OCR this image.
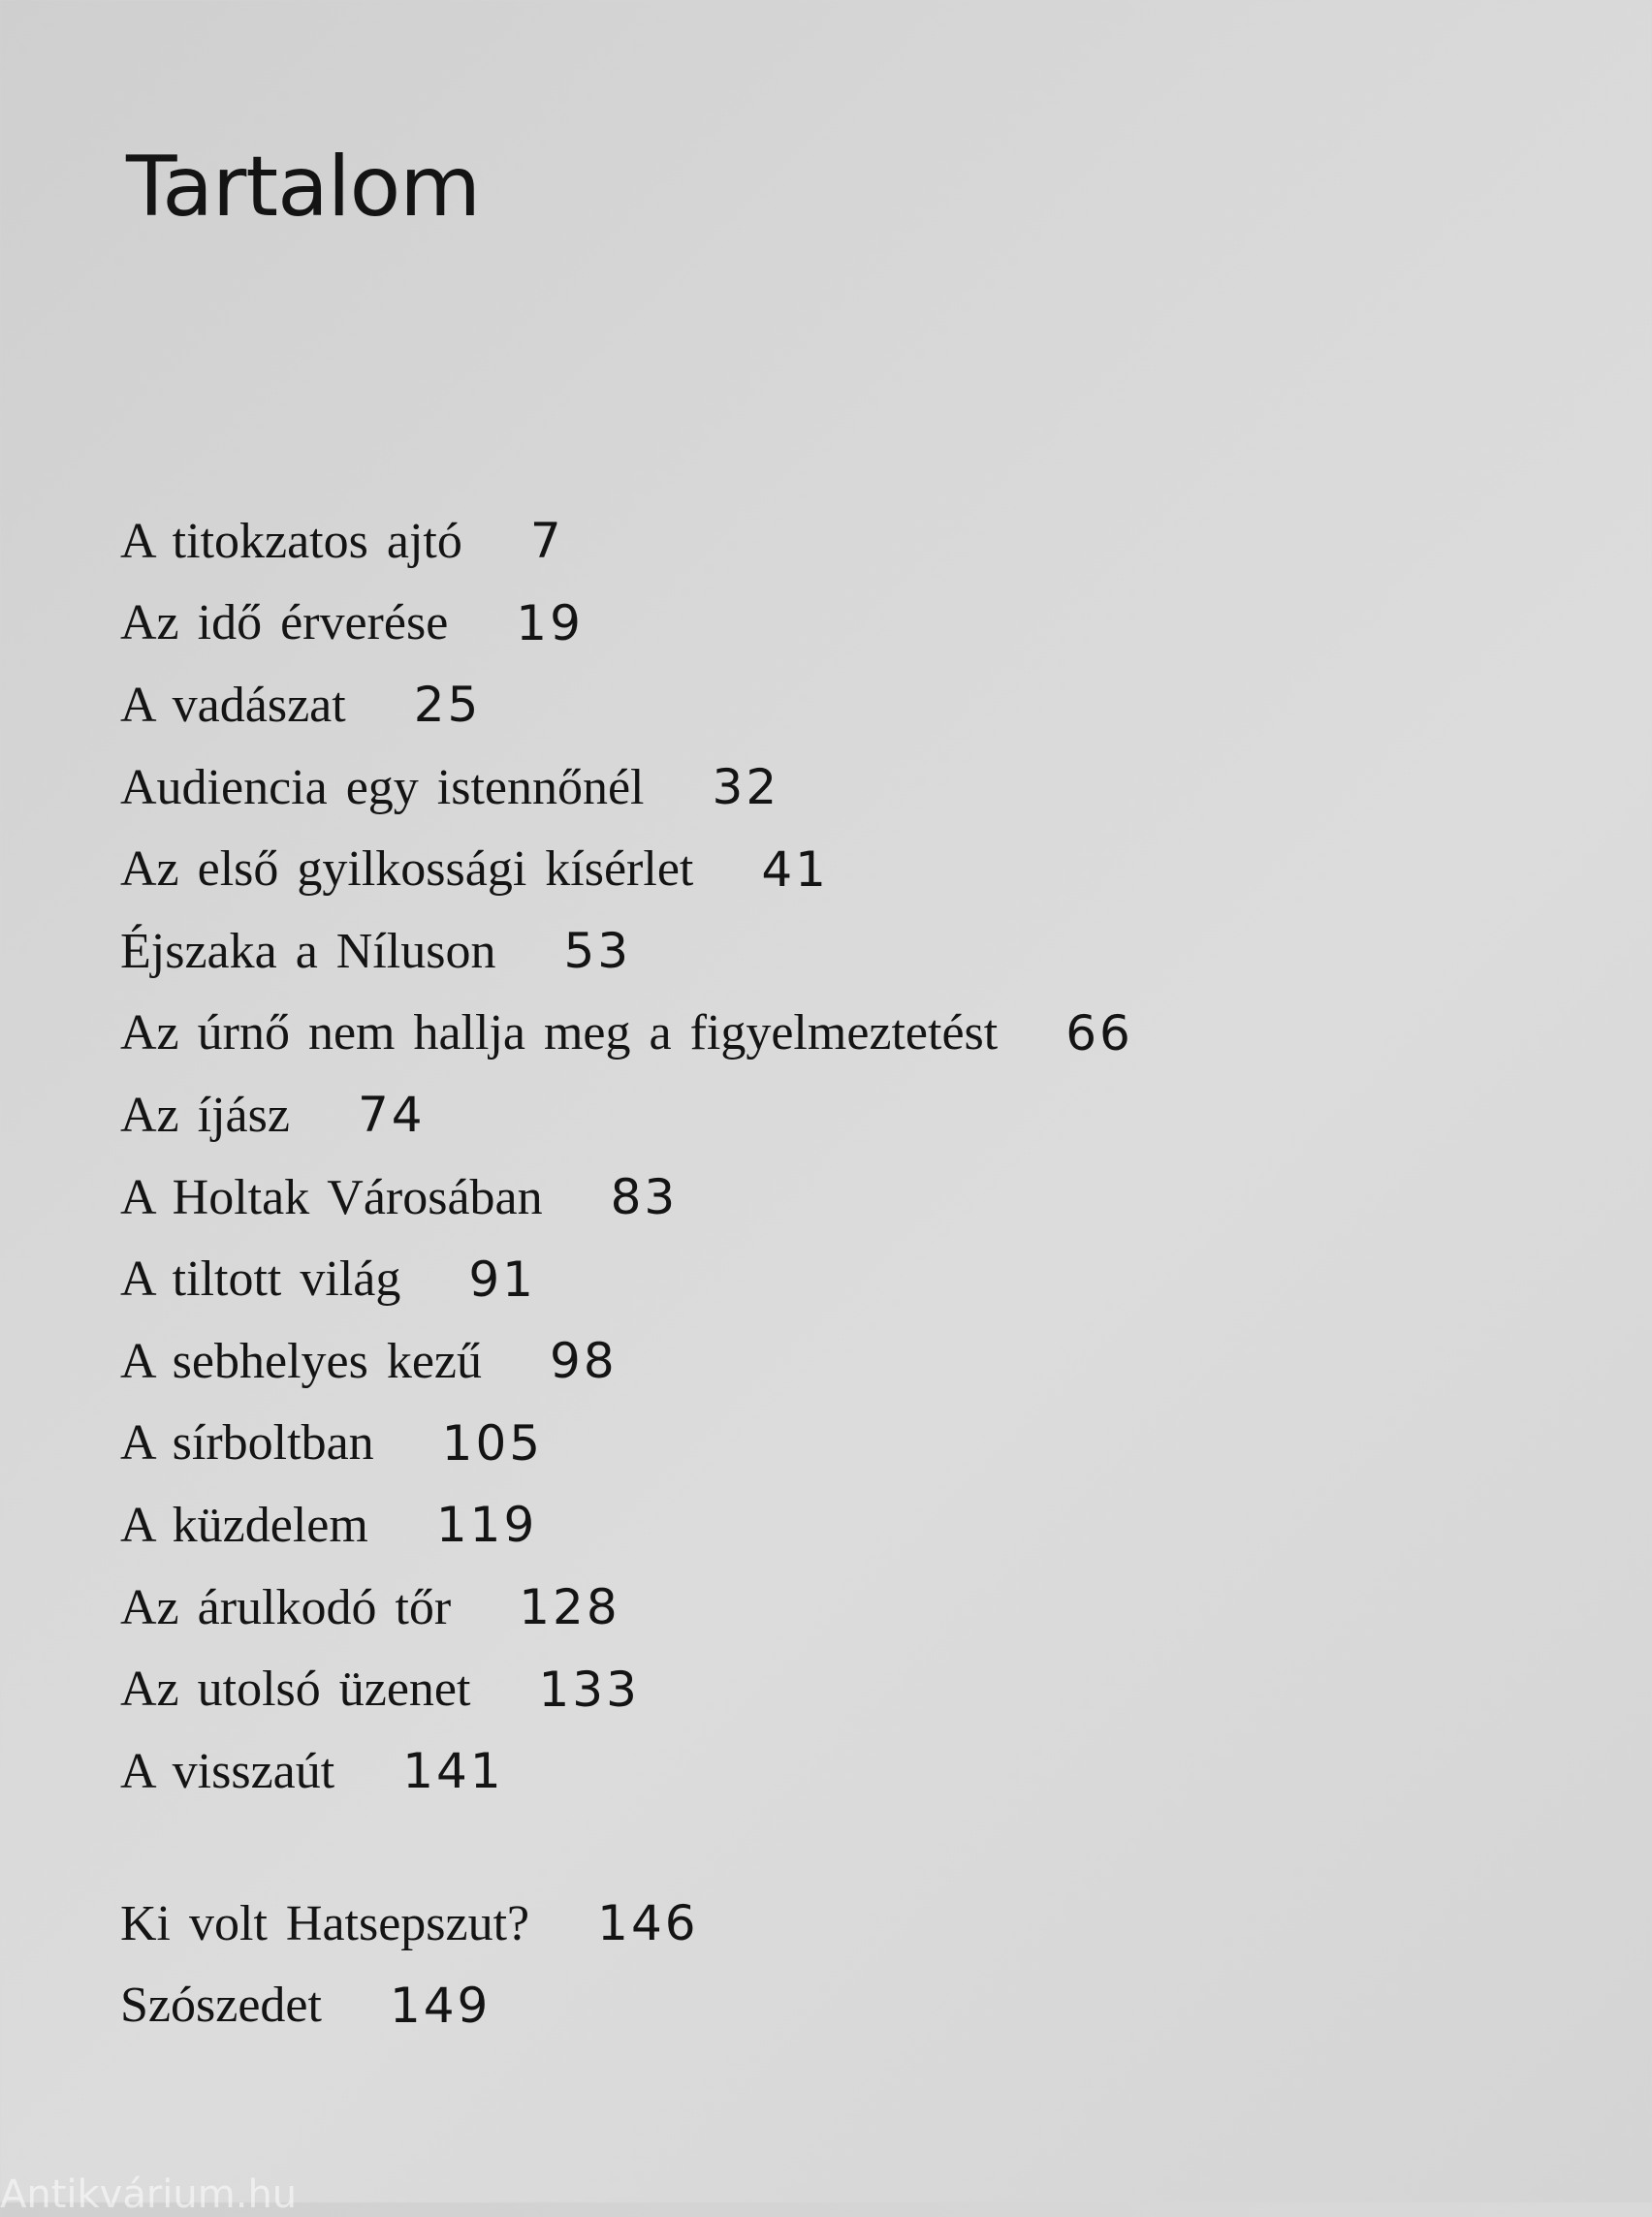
Tartalom
A titokzatos ajtó 7
Az idő érverése 19
A vadászat 25
Audiencia egy istennőnél 32
Az első gyilkossági kísérlet 41
Éjszaka a Níluson 53
Az úrnő nem hallja meg a figyelmeztetést 66
Az íjász 74
A Holtak Városában 83
A tiltott világ 91
A sebhelyes kezű 98
A sírboltban 105
A küzdelem 119
Az árulkodó tőr 128
Az utolsó üzenet 133
A visszaút 141
Ki volt Hatsepszut? 146
Szószedet 149
Antikvárium.hu
